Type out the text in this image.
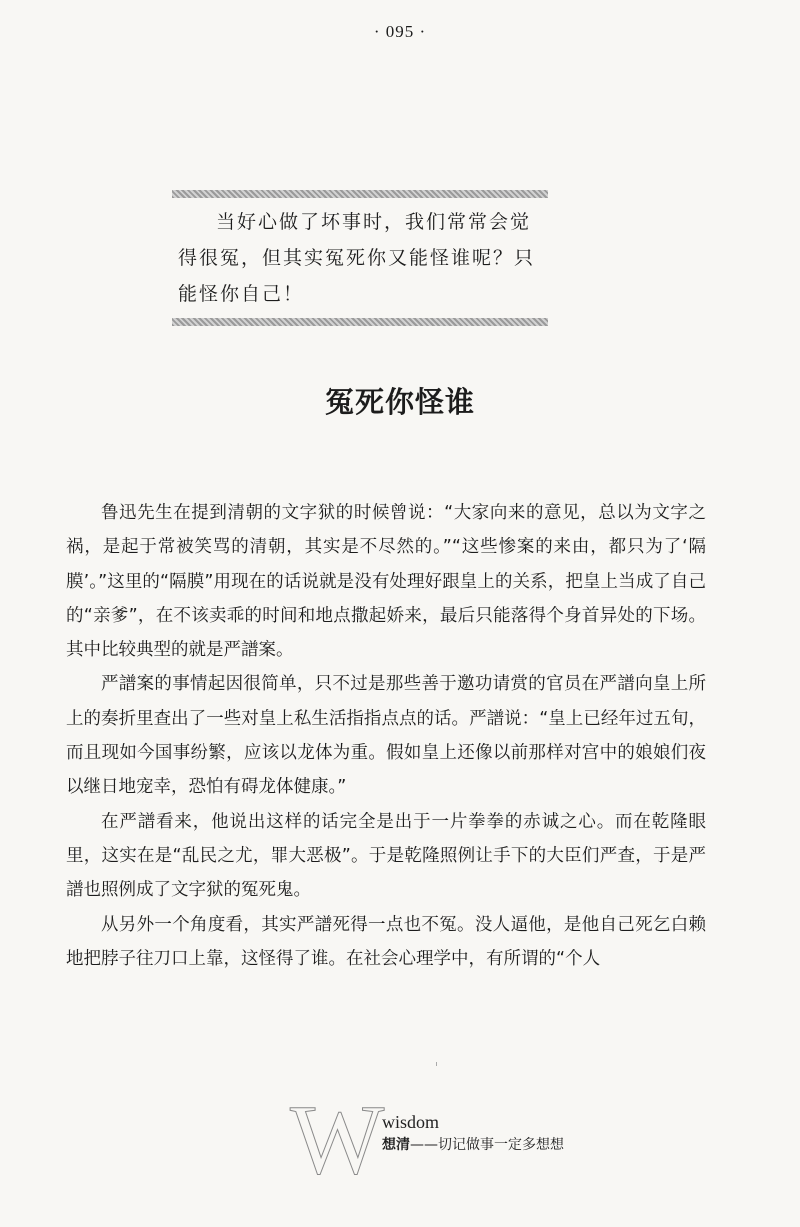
· 095 ·
当好心做了坏事时，我们常常会觉得很冤，但其实冤死你又能怪谁呢？只能怪你自己！
冤死你怪谁

鲁迅先生在提到清朝的文字狱的时候曾说：“大家向来的意见，总以为文字之祸，是起于常被笑骂的清朝，其实是不尽然的。”“这些惨案的来由，都只为了‘隔膜’。”这里的“隔膜”用现在的话说就是没有处理好跟皇上的关系，把皇上当成了自己的“亲爹”，在不该卖乖的时间和地点撒起娇来，最后只能落得个身首异处的下场。其中比较典型的就是严譜案。

严譜案的事情起因很简单，只不过是那些善于邀功请赏的官员在严譜向皇上所上的奏折里查出了一些对皇上私生活指指点点的话。严譜说：“皇上已经年过五旬，而且现如今国事纷繁，应该以龙体为重。假如皇上还像以前那样对宫中的娘娘们夜以继日地宠幸，恐怕有碍龙体健康。”

在严譜看来，他说出这样的话完全是出于一片拳拳的赤诚之心。而在乾隆眼里，这实在是“乱民之尤，罪大恶极”。于是乾隆照例让手下的大臣们严查，于是严譜也照例成了文字狱的冤死鬼。

从另外一个角度看，其实严譜死得一点也不冤。没人逼他，是他自己死乞白赖地把脖子往刀口上靠，这怪得了谁。在社会心理学中，有所谓的“个人

W
wisdom
想清——切记做事一定多想想
